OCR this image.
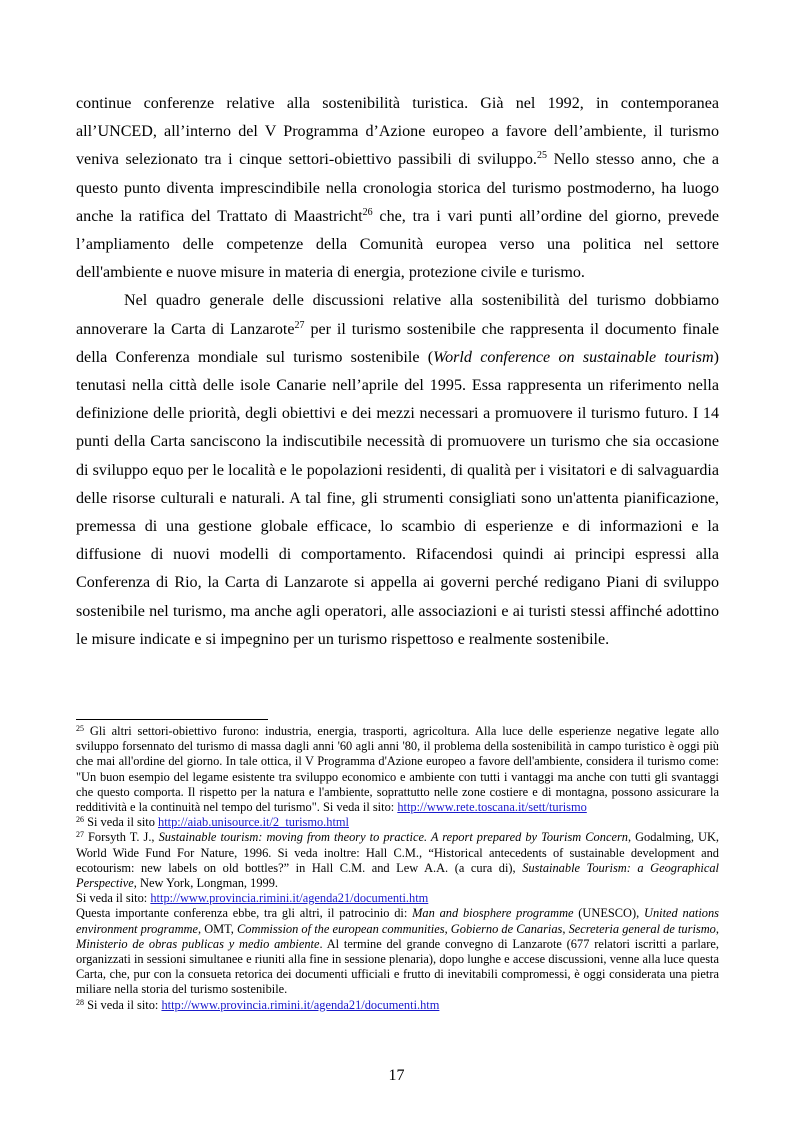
continue conferenze relative alla sostenibilità turistica. Già nel 1992, in contemporanea all’UNCED, all’interno del V Programma d’Azione europeo a favore dell’ambiente, il turismo veniva selezionato tra i cinque settori-obiettivo passibili di sviluppo.$^{25}$ Nello stesso anno, che a questo punto diventa imprescindibile nella cronologia storica del turismo postmoderno, ha luogo anche la ratifica del Trattato di Maastricht$^{26}$ che, tra i vari punti all’ordine del giorno, prevede l’ampliamento delle competenze della Comunità europea verso una politica nel settore dell'ambiente e nuove misure in materia di energia, protezione civile e turismo.

Nel quadro generale delle discussioni relative alla sostenibilità del turismo dobbiamo annoverare la Carta di Lanzarote$^{27}$ per il turismo sostenibile che rappresenta il documento finale della Conferenza mondiale sul turismo sostenibile (World conference on sustainable tourism) tenutasi nella città delle isole Canarie nell’aprile del 1995. Essa rappresenta un riferimento nella definizione delle priorità, degli obiettivi e dei mezzi necessari a promuovere il turismo futuro. I 14 punti della Carta sanciscono la indiscutibile necessità di promuovere un turismo che sia occasione di sviluppo equo per le località e le popolazioni residenti, di qualità per i visitatori e di salvaguardia delle risorse culturali e naturali. A tal fine, gli strumenti consigliati sono un'attenta pianificazione, premessa di una gestione globale efficace, lo scambio di esperienze e di informazioni e la diffusione di nuovi modelli di comportamento. Rifacendosi quindi ai principi espressi alla Conferenza di Rio, la Carta di Lanzarote si appella ai governi perché redigano Piani di sviluppo sostenibile nel turismo, ma anche agli operatori, alle associazioni e ai turisti stessi affinché adottino le misure indicate e si impegnino per un turismo rispettoso e realmente sostenibile.

$^{25}$ Gli altri settori-obiettivo furono: industria, energia, trasporti, agricoltura. Alla luce delle esperienze negative legate allo sviluppo forsennato del turismo di massa dagli anni '60 agli anni '80, il problema della sostenibilità in campo turistico è oggi più che mai all'ordine del giorno. In tale ottica, il V Programma d'Azione europeo a favore dell'ambiente, considera il turismo come: "Un buon esempio del legame esistente tra sviluppo economico e ambiente con tutti i vantaggi ma anche con tutti gli svantaggi che questo comporta. Il rispetto per la natura e l'ambiente, soprattutto nelle zone costiere e di montagna, possono assicurare la redditività e la continuità nel tempo del turismo". Si veda il sito: http://www.rete.toscana.it/sett/turismo

$^{26}$ Si veda il sito http://aiab.unisource.it/2_turismo.html

$^{27}$ Forsyth T. J., Sustainable tourism: moving from theory to practice. A report prepared by Tourism Concern, Godalming, UK, World Wide Fund For Nature, 1996. Si veda inoltre: Hall C.M., “Historical antecedents of sustainable development and ecotourism: new labels on old bottles?” in Hall C.M. and Lew A.A. (a cura di), Sustainable Tourism: a Geographical Perspective, New York, Longman, 1999.

Si veda il sito: http://www.provincia.rimini.it/agenda21/documenti.htm

Questa importante conferenza ebbe, tra gli altri, il patrocinio di: Man and biosphere programme (UNESCO), United nations environment programme, OMT, Commission of the european communities, Gobierno de Canarias, Secreteria general de turismo, Ministerio de obras publicas y medio ambiente. Al termine del grande convegno di Lanzarote (677 relatori iscritti a parlare, organizzati in sessioni simultanee e riuniti alla fine in sessione plenaria), dopo lunghe e accese discussioni, venne alla luce questa Carta, che, pur con la consueta retorica dei documenti ufficiali e frutto di inevitabili compromessi, è oggi considerata una pietra miliare nella storia del turismo sostenibile.

$^{28}$ Si veda il sito: http://www.provincia.rimini.it/agenda21/documenti.htm

17
